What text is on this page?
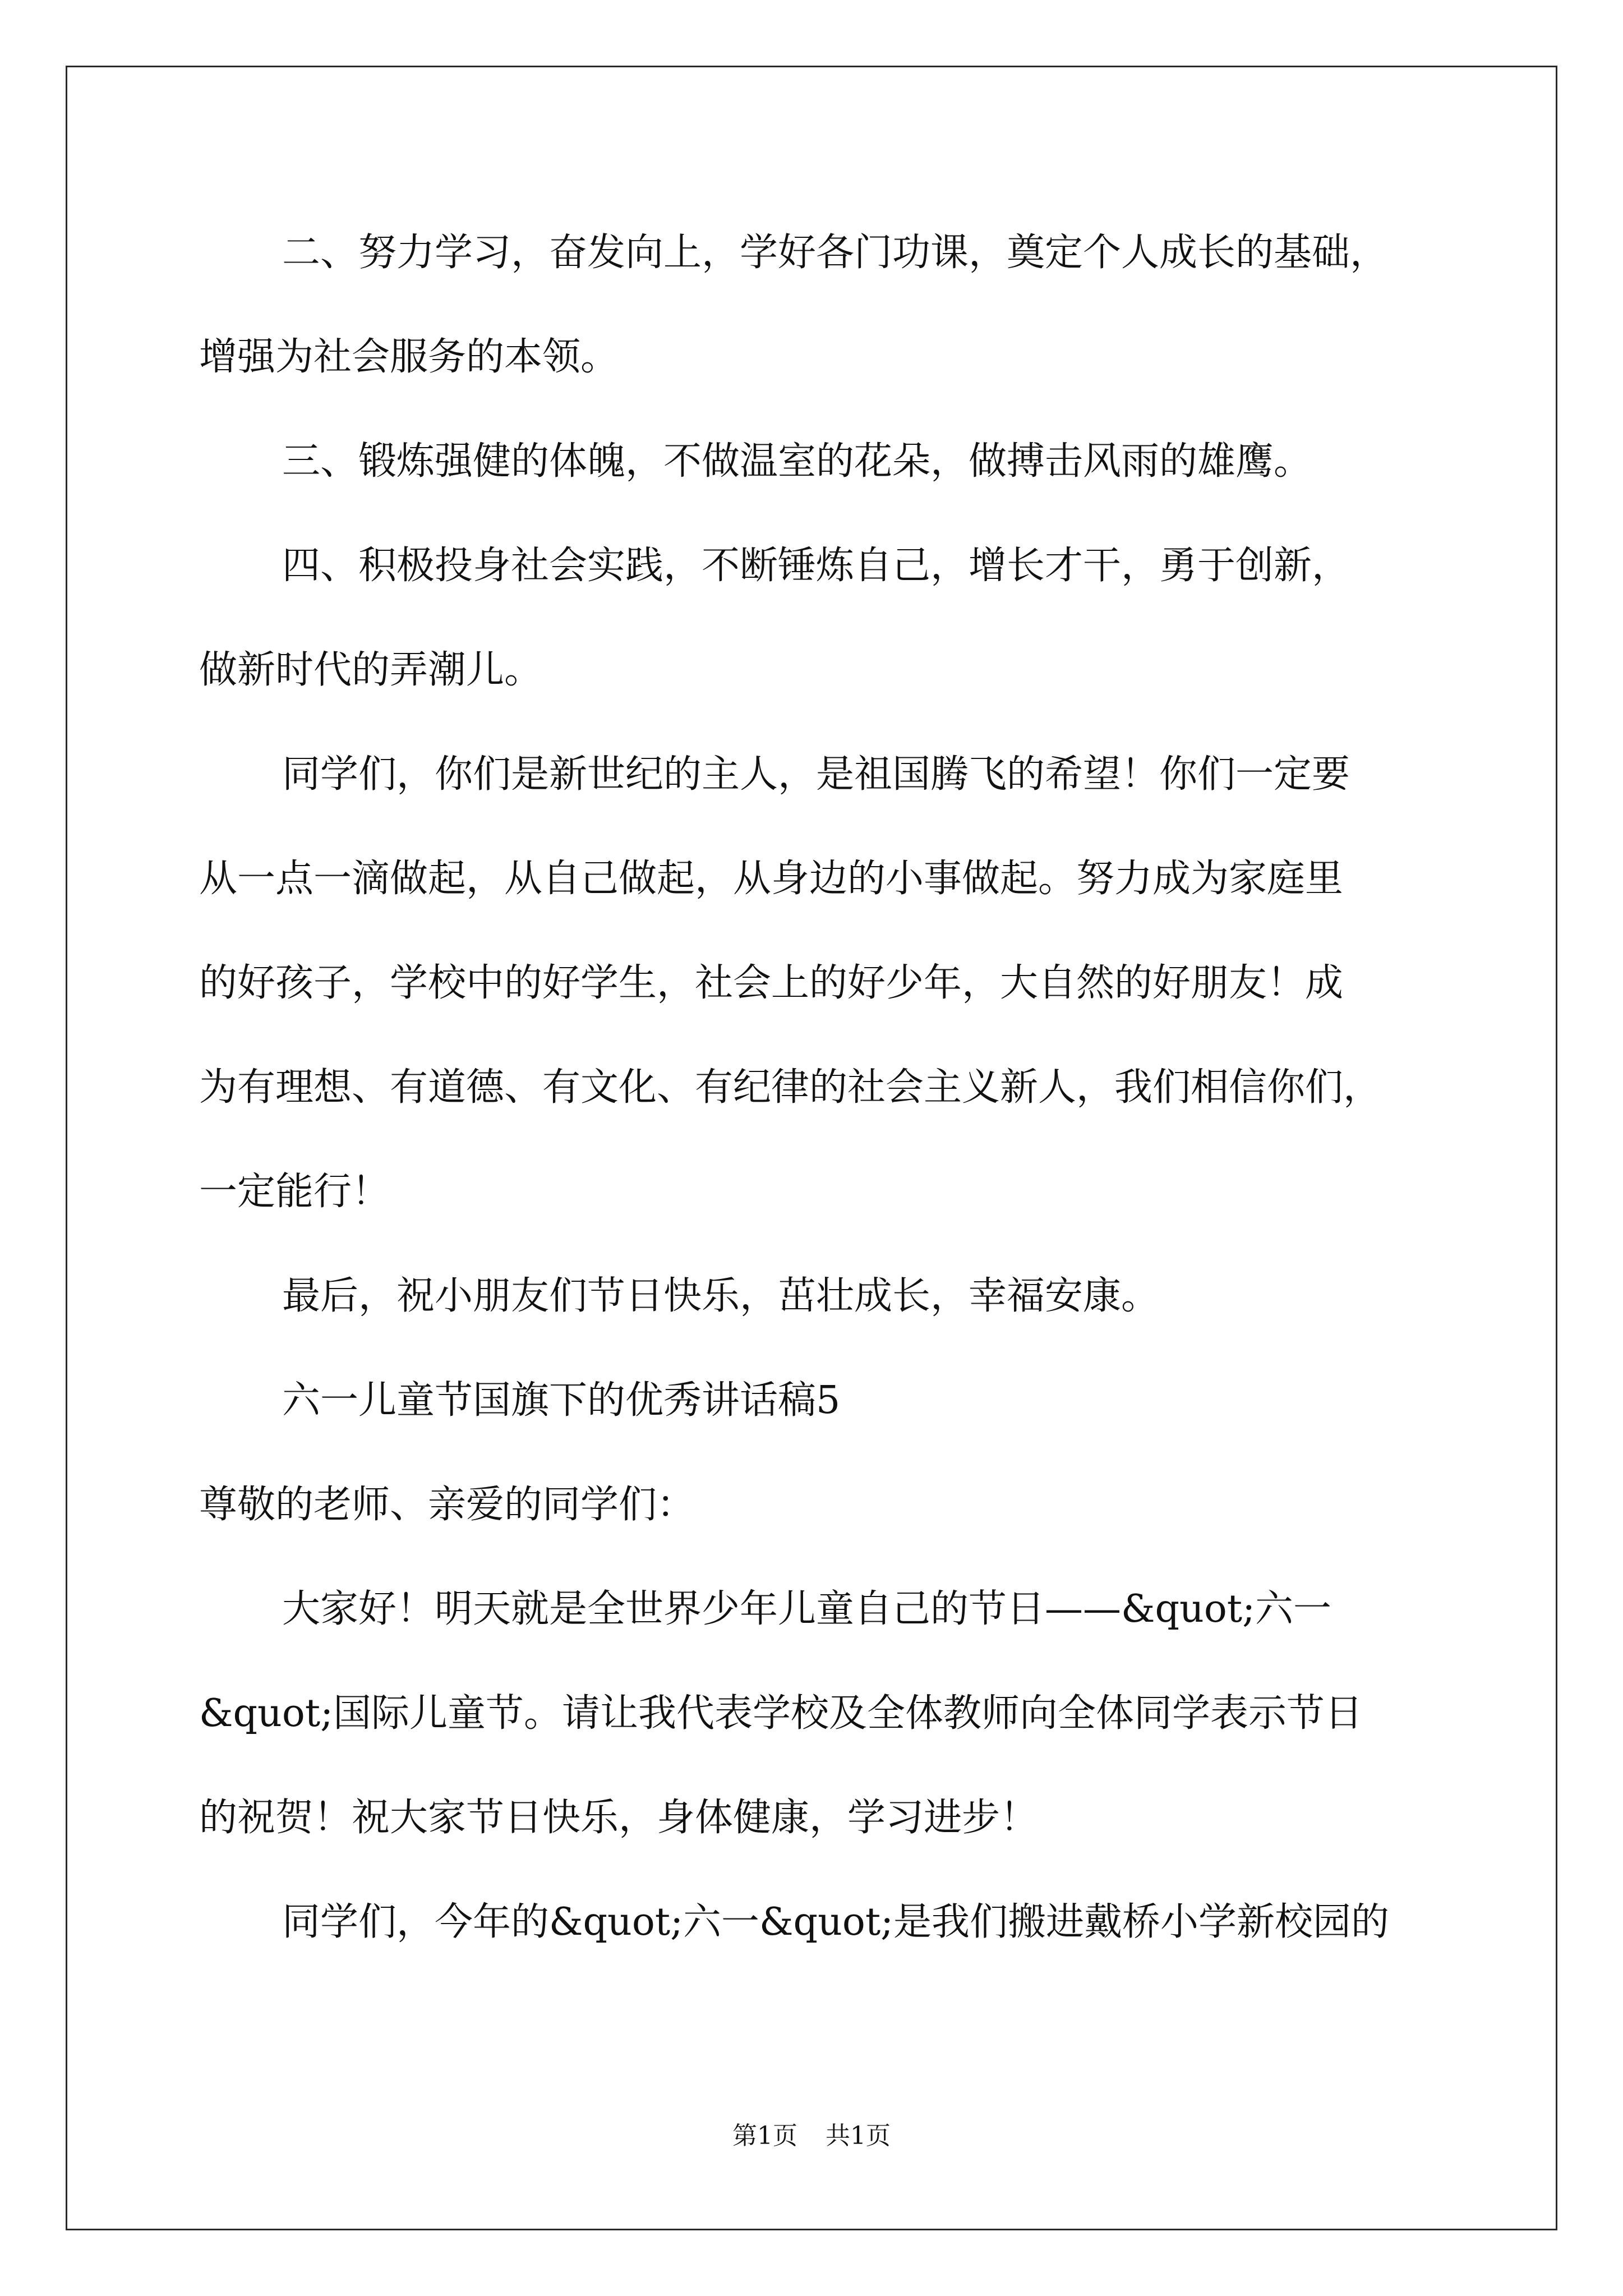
二、努力学习，奋发向上，学好各门功课，奠定个人成长的基础，
增强为社会服务的本领。
三、锻炼强健的体魄，不做温室的花朵，做搏击风雨的雄鹰。
四、积极投身社会实践，不断锤炼自己，增长才干，勇于创新，
做新时代的弄潮儿。
同学们，你们是新世纪的主人，是祖国腾飞的希望！你们一定要
从一点一滴做起，从自己做起，从身边的小事做起。努力成为家庭里
的好孩子，学校中的好学生，社会上的好少年，大自然的好朋友！成
为有理想、有道德、有文化、有纪律的社会主义新人，我们相信你们，
一定能行！
最后，祝小朋友们节日快乐，茁壮成长，幸福安康。
六一儿童节国旗下的优秀讲话稿5
尊敬的老师、亲爱的同学们：
大家好！明天就是全世界少年儿童自己的节日——&quot;六一
&quot;国际儿童节。请让我代表学校及全体教师向全体同学表示节日
的祝贺！祝大家节日快乐，身体健康，学习进步！
同学们，今年的&quot;六一&quot;是我们搬进戴桥小学新校园的
第1页 共1页
